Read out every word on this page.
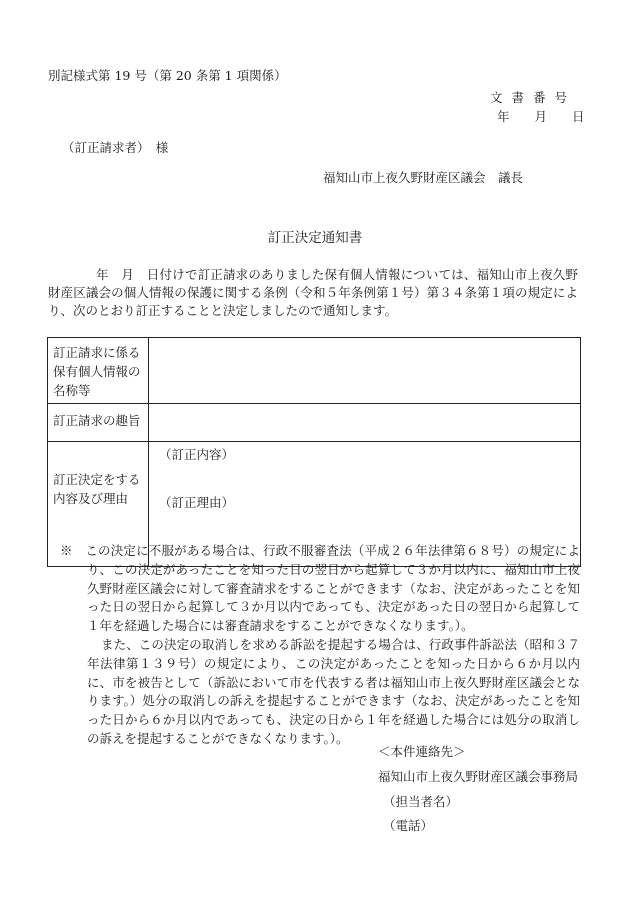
別記様式第 19 号（第 20 条第 1 項関係）
文書番号
年　　月　　日
（訂正請求者）　様
福知山市上夜久野財産区議会　議長
訂正決定通知書
年　月　日付けで訂正請求のありました保有個人情報については、福知山市上夜久野財産区議会の個人情報の保護に関する条例（令和５年条例第１号）第３４条第１項の規定により、次のとおり訂正することと決定しましたので通知します。
訂正請求に係る保有個人情報の名称等	
訂正請求の趣旨	
訂正決定をする内容及び理由	（訂正内容）
（訂正理由）
※　この決定に不服がある場合は、行政不服審査法（平成２６年法律第６８号）の規定により、この決定があったことを知った日の翌日から起算して３か月以内に、福知山市上夜久野財産区議会に対して審査請求をすることができます（なお、決定があったことを知った日の翌日から起算して３か月以内であっても、決定があった日の翌日から起算して１年を経過した場合には審査請求をすることができなくなります。）。
また、この決定の取消しを求める訴訟を提起する場合は、行政事件訴訟法（昭和３７年法律第１３９号）の規定により、この決定があったことを知った日から６か月以内に、市を被告として（訴訟において市を代表する者は福知山市上夜久野財産区議会となります。）処分の取消しの訴えを提起することができます（なお、決定があったことを知った日から６か月以内であっても、決定の日から１年を経過した場合には処分の取消しの訴えを提起することができなくなります。）。
＜本件連絡先＞
福知山市上夜久野財産区議会事務局
（担当者名）
（電話）
